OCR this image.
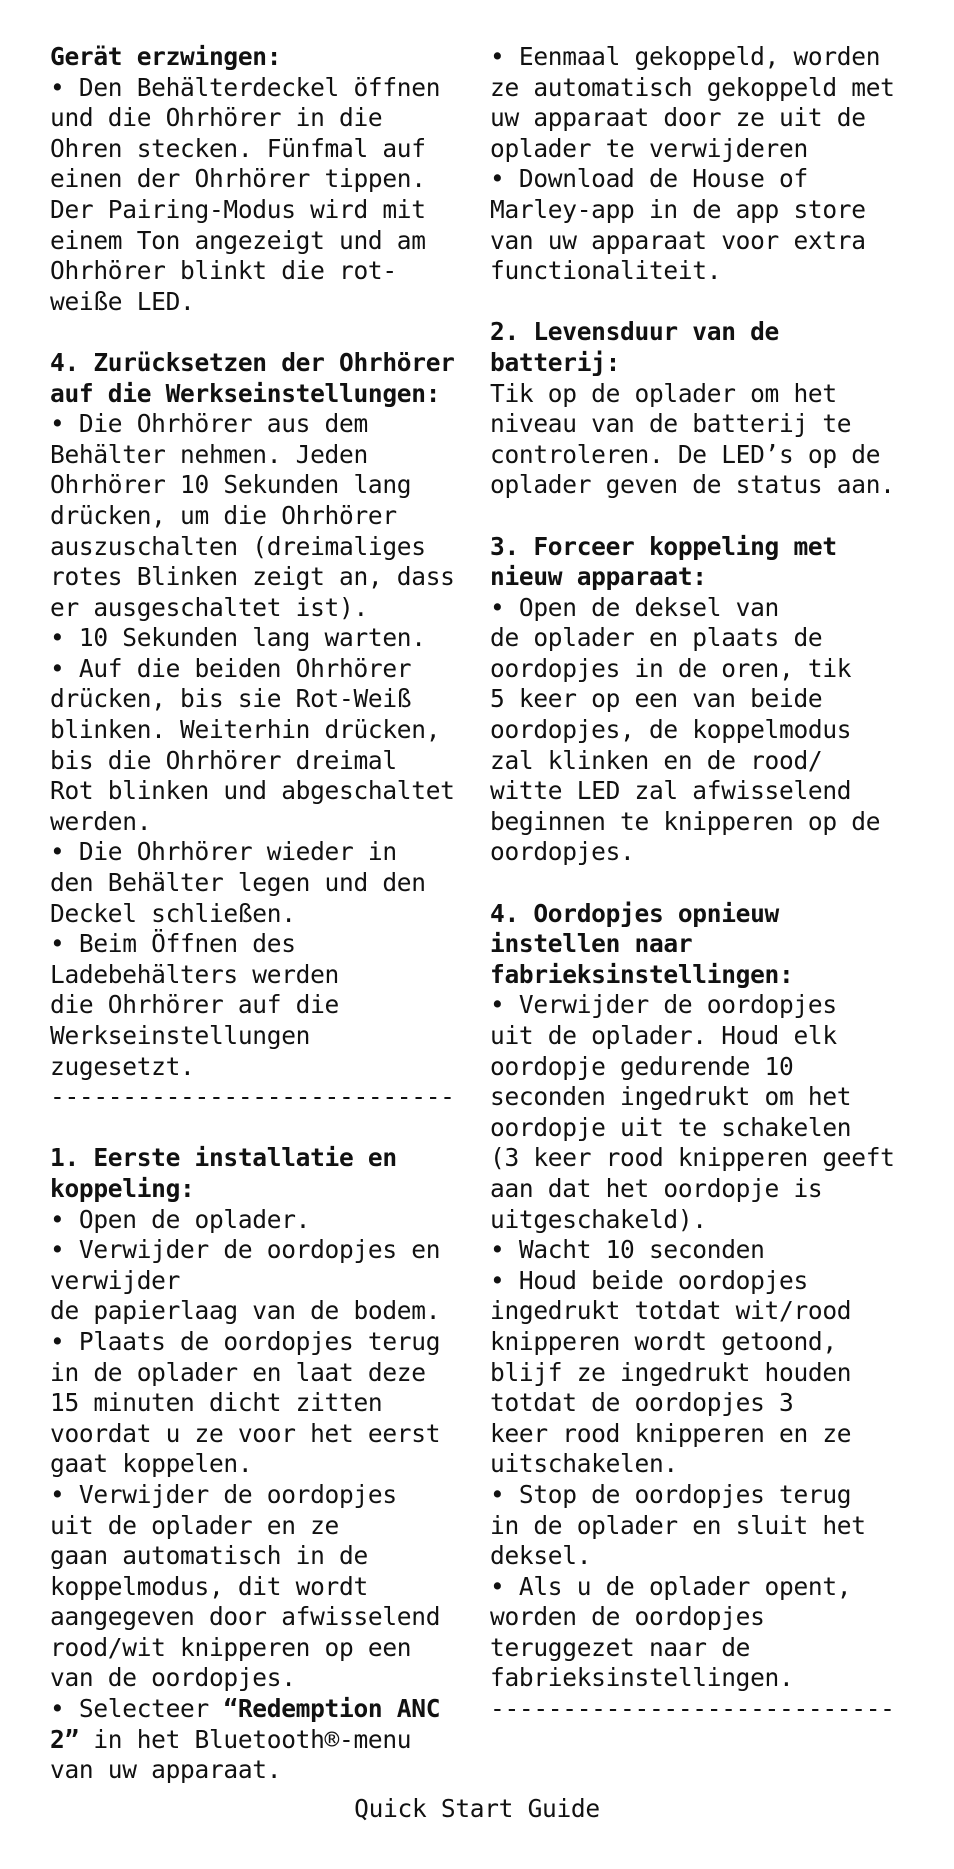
Gerät erzwingen:
• Den Behälterdeckel öffnen
und die Ohrhörer in die
Ohren stecken. Fünfmal auf
einen der Ohrhörer tippen.
Der Pairing-Modus wird mit
einem Ton angezeigt und am
Ohrhörer blinkt die rot-
weiße LED.
4. Zurücksetzen der Ohrhörer
auf die Werkseinstellungen:
• Die Ohrhörer aus dem
Behälter nehmen. Jeden
Ohrhörer 10 Sekunden lang
drücken, um die Ohrhörer
auszuschalten (dreimaliges
rotes Blinken zeigt an, dass
er ausgeschaltet ist).
• 10 Sekunden lang warten.
• Auf die beiden Ohrhörer
drücken, bis sie Rot-Weiß
blinken. Weiterhin drücken,
bis die Ohrhörer dreimal
Rot blinken und abgeschaltet
werden.
• Die Ohrhörer wieder in
den Behälter legen und den
Deckel schließen.
• Beim Öffnen des
Ladebehälters werden
die Ohrhörer auf die
Werkseinstellungen
zugesetzt.
----------------------------
1. Eerste installatie en
koppeling:
• Open de oplader.
• Verwijder de oordopjes en
verwijder
de papierlaag van de bodem.
• Plaats de oordopjes terug
in de oplader en laat deze
15 minuten dicht zitten
voordat u ze voor het eerst
gaat koppelen.
• Verwijder de oordopjes
uit de oplader en ze
gaan automatisch in de
koppelmodus, dit wordt
aangegeven door afwisselend
rood/wit knipperen op een
van de oordopjes.
• Selecteer “Redemption ANC
2” in het Bluetooth®-menu
van uw apparaat.
• Eenmaal gekoppeld, worden
ze automatisch gekoppeld met
uw apparaat door ze uit de
oplader te verwijderen
• Download de House of
Marley-app in de app store
van uw apparaat voor extra
functionaliteit.
2. Levensduur van de
batterij:
Tik op de oplader om het
niveau van de batterij te
controleren. De LED’s op de
oplader geven de status aan.
3. Forceer koppeling met
nieuw apparaat:
• Open de deksel van
de oplader en plaats de
oordopjes in de oren, tik
5 keer op een van beide
oordopjes, de koppelmodus
zal klinken en de rood/
witte LED zal afwisselend
beginnen te knipperen op de
oordopjes.
4. Oordopjes opnieuw
instellen naar
fabrieksinstellingen:
• Verwijder de oordopjes
uit de oplader. Houd elk
oordopje gedurende 10
seconden ingedrukt om het
oordopje uit te schakelen
(3 keer rood knipperen geeft
aan dat het oordopje is
uitgeschakeld).
• Wacht 10 seconden
• Houd beide oordopjes
ingedrukt totdat wit/rood
knipperen wordt getoond,
blijf ze ingedrukt houden
totdat de oordopjes 3
keer rood knipperen en ze
uitschakelen.
• Stop de oordopjes terug
in de oplader en sluit het
deksel.
• Als u de oplader opent,
worden de oordopjes
teruggezet naar de
fabrieksinstellingen.
----------------------------
Quick Start Guide
